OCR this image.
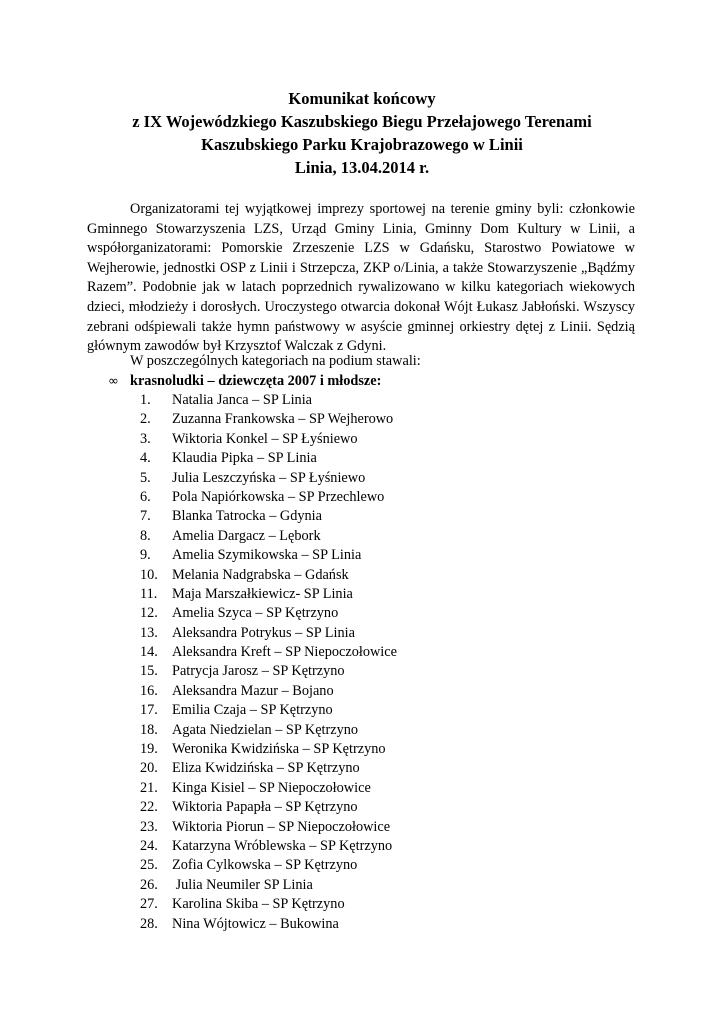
Komunikat końcowy
z IX Wojewódzkiego Kaszubskiego Biegu Przełajowego Terenami
Kaszubskiego Parku Krajobrazowego w Linii
Linia, 13.04.2014 r.

Organizatorami tej wyjątkowej imprezy sportowej na terenie gminy byli: członkowie Gminnego Stowarzyszenia LZS, Urząd Gminy Linia, Gminny Dom Kultury w Linii, a współorganizatorami: Pomorskie Zrzeszenie LZS w Gdańsku, Starostwo Powiatowe w Wejherowie, jednostki OSP z Linii i Strzepcza, ZKP o/Linia, a także Stowarzyszenie „Bądźmy Razem”. Podobnie jak w latach poprzednich rywalizowano w kilku kategoriach wiekowych dzieci, młodzieży i dorosłych. Uroczystego otwarcia dokonał Wójt Łukasz Jabłoński. Wszyscy zebrani odśpiewali także hymn państwowy w asyście gminnej orkiestry dętej z Linii. Sędzią głównym zawodów był Krzysztof Walczak z Gdyni.

W poszczególnych kategoriach na podium stawali:
∞ krasnoludki – dziewczęta 2007 i młodsze:
1. Natalia Janca – SP Linia
2. Zuzanna Frankowska – SP Wejherowo
3. Wiktoria Konkel – SP Łyśniewo
4. Klaudia Pipka – SP Linia
5. Julia Leszczyńska – SP Łyśniewo
6. Pola Napiórkowska – SP Przechlewo
7. Blanka Tatrocka – Gdynia
8. Amelia Dargacz – Lębork
9. Amelia Szymikowska – SP Linia
10. Melania Nadgrabska – Gdańsk
11. Maja Marszałkiewicz- SP Linia
12. Amelia Szyca – SP Kętrzyno
13. Aleksandra Potrykus – SP Linia
14. Aleksandra Kreft – SP Niepoczołowice
15. Patrycja Jarosz – SP Kętrzyno
16. Aleksandra Mazur – Bojano
17. Emilia Czaja – SP Kętrzyno
18. Agata Niedzielan – SP Kętrzyno
19. Weronika Kwidzińska – SP Kętrzyno
20. Eliza Kwidzińska – SP Kętrzyno
21. Kinga Kisiel – SP Niepoczołowice
22. Wiktoria Papapła – SP Kętrzyno
23. Wiktoria Piorun – SP Niepoczołowice
24. Katarzyna Wróblewska – SP Kętrzyno
25. Zofia Cylkowska – SP Kętrzyno
26. Julia Neumiler SP Linia
27. Karolina Skiba – SP Kętrzyno
28. Nina Wójtowicz – Bukowina
